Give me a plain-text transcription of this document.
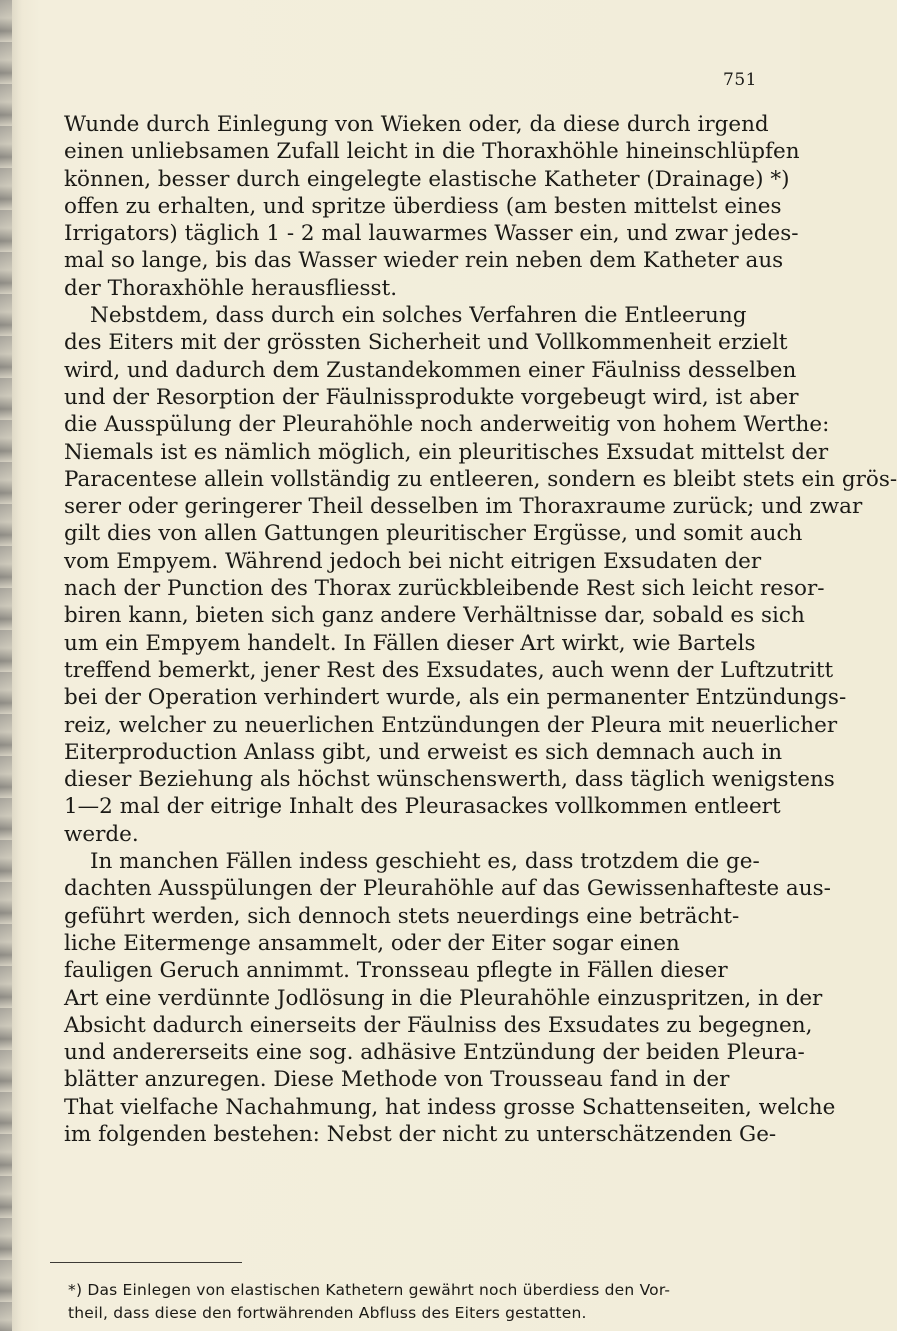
751
Wunde durch Einlegung von Wieken oder, da diese durch irgend
einen unliebsamen Zufall leicht in die Thoraxhöhle hineinschlüpfen
können, besser durch eingelegte elastische Katheter (Drainage) *)
offen zu erhalten, und spritze überdiess (am besten mittelst eines
Irrigators) täglich 1 - 2 mal lauwarmes Wasser ein, und zwar jedes-
mal so lange, bis das Wasser wieder rein neben dem Katheter aus
der Thoraxhöhle herausfliesst.
Nebstdem, dass durch ein solches Verfahren die Entleerung
des Eiters mit der grössten Sicherheit und Vollkommenheit erzielt
wird, und dadurch dem Zustandekommen einer Fäulniss desselben
und der Resorption der Fäulnissprodukte vorgebeugt wird, ist aber
die Ausspülung der Pleurahöhle noch anderweitig von hohem Werthe:
Niemals ist es nämlich möglich, ein pleuritisches Exsudat mittelst der
Paracentese allein vollständig zu entleeren, sondern es bleibt stets ein grös-
serer oder geringerer Theil desselben im Thoraxraume zurück; und zwar
gilt dies von allen Gattungen pleuritischer Ergüsse, und somit auch
vom Empyem. Während jedoch bei nicht eitrigen Exsudaten der
nach der Punction des Thorax zurückbleibende Rest sich leicht resor-
biren kann, bieten sich ganz andere Verhältnisse dar, sobald es sich
um ein Empyem handelt. In Fällen dieser Art wirkt, wie Bartels
treffend bemerkt, jener Rest des Exsudates, auch wenn der Luftzutritt
bei der Operation verhindert wurde, als ein permanenter Entzündungs-
reiz, welcher zu neuerlichen Entzündungen der Pleura mit neuerlicher
Eiterproduction Anlass gibt, und erweist es sich demnach auch in
dieser Beziehung als höchst wünschenswerth, dass täglich wenigstens
1—2 mal der eitrige Inhalt des Pleurasackes vollkommen entleert
werde.
In manchen Fällen indess geschieht es, dass trotzdem die ge-
dachten Ausspülungen der Pleurahöhle auf das Gewissenhafteste aus-
geführt werden, sich dennoch stets neuerdings eine beträcht-
liche Eitermenge ansammelt, oder der Eiter sogar einen
fauligen Geruch annimmt. Tronsseau pflegte in Fällen dieser
Art eine verdünnte Jodlösung in die Pleurahöhle einzuspritzen, in der
Absicht dadurch einerseits der Fäulniss des Exsudates zu begegnen,
und andererseits eine sog. adhäsive Entzündung der beiden Pleura-
blätter anzuregen. Diese Methode von Trousseau fand in der
That vielfache Nachahmung, hat indess grosse Schattenseiten, welche
im folgenden bestehen: Nebst der nicht zu unterschätzenden Ge-
*) Das Einlegen von elastischen Kathetern gewährt noch überdiess den Vor-
theil, dass diese den fortwährenden Abfluss des Eiters gestatten.
